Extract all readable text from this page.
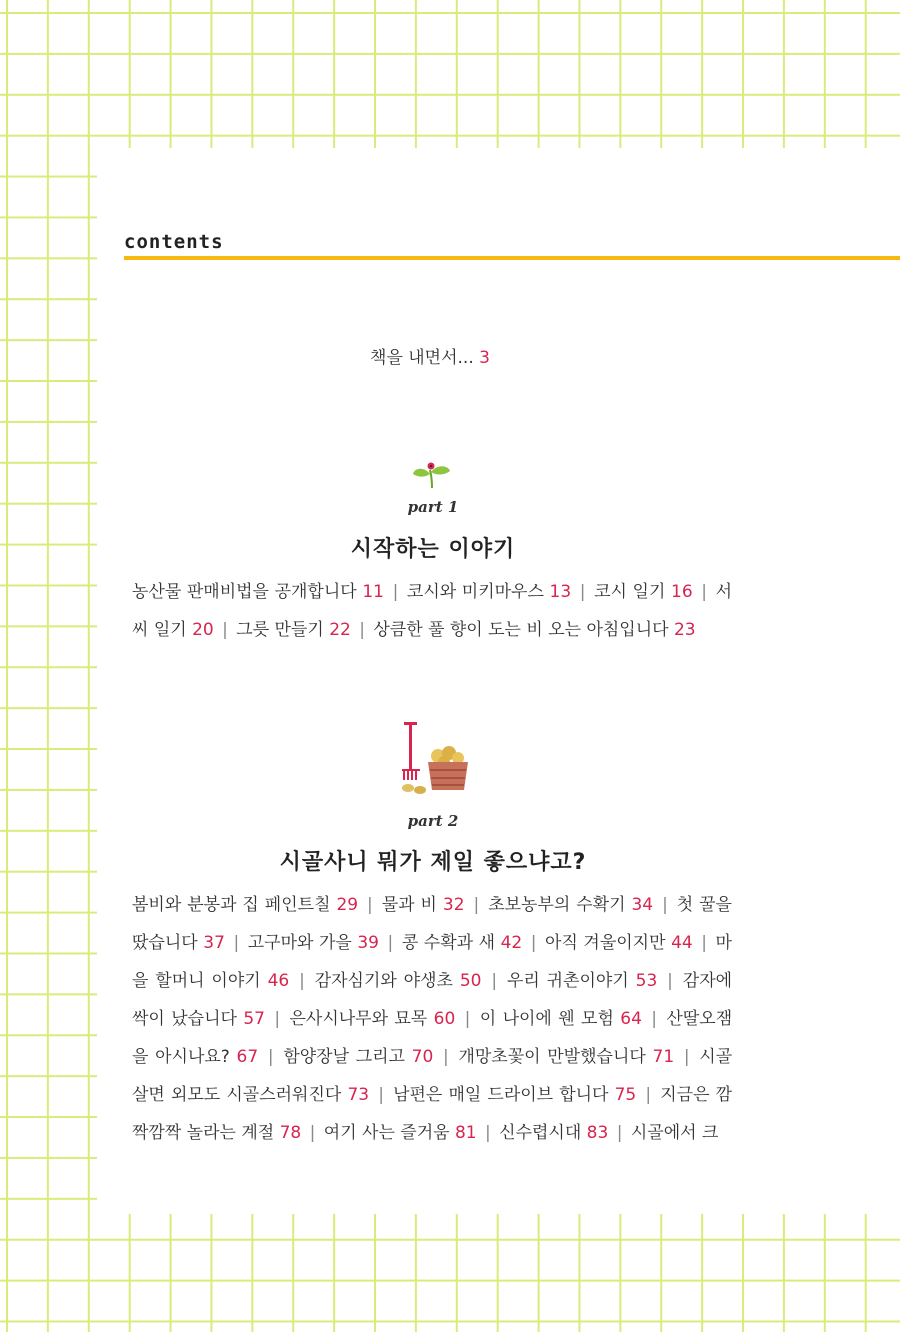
contents
책을 내면서... 3
part 1
시작하는 이야기
농산물 판매비법을 공개합니다 11 | 코시와 미키마우스 13 | 코시 일기 16 | 서씨 일기 20 | 그릇 만들기 22 | 상큼한 풀 향이 도는 비 오는 아침입니다 23
part 2
시골사니 뭐가 제일 좋으냐고?
봄비와 분봉과 집 페인트칠 29 | 물과 비 32 | 초보농부의 수확기 34 | 첫 꿀을 땄습니다 37 | 고구마와 가을 39 | 콩 수확과 새 42 | 아직 겨울이지만 44 | 마을 할머니 이야기 46 | 감자심기와 야생초 50 | 우리 귀촌이야기 53 | 감자에 싹이 났습니다 57 | 은사시나무와 묘목 60 | 이 나이에 웬 모험 64 | 산딸오잼을 아시나요? 67 | 함양장날 그리고 70 | 개망초꽃이 만발했습니다 71 | 시골살면 외모도 시골스러워진다 73 | 남편은 매일 드라이브 합니다 75 | 지금은 깜짝깜짝 놀라는 계절 78 | 여기 사는 즐거움 81 | 신수렵시대 83 | 시골에서 크
